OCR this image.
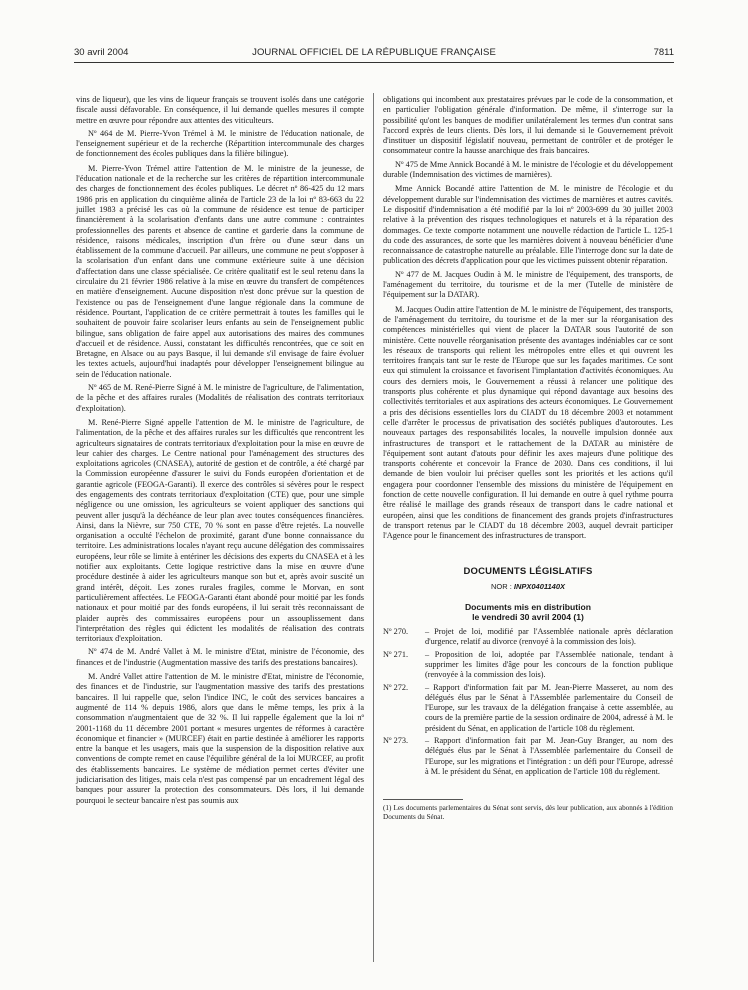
30 avril 2004	JOURNAL OFFICIEL DE LA RÉPUBLIQUE FRANÇAISE	7811

vins de liqueur), que les vins de liqueur français se trouvent isolés dans une catégorie fiscale aussi défavorable. En conséquence, il lui demande quelles mesures il compte mettre en œuvre pour répondre aux attentes des viticulteurs.

Nº 464 de M. Pierre-Yvon Trémel à M. le ministre de l'éducation nationale, de l'enseignement supérieur et de la recherche (Répartition intercommunale des charges de fonctionnement des écoles publiques dans la filière bilingue).

M. Pierre-Yvon Trémel attire l'attention de M. le ministre de la jeunesse, de l'éducation nationale et de la recherche sur les critères de répartition intercommunale des charges de fonctionnement des écoles publiques. Le décret nº 86-425 du 12 mars 1986 pris en application du cinquième alinéa de l'article 23 de la loi nº 83-663 du 22 juillet 1983 a précisé les cas où la commune de résidence est tenue de participer financièrement à la scolarisation d'enfants dans une autre commune : contraintes professionnelles des parents et absence de cantine et garderie dans la commune de résidence, raisons médicales, inscription d'un frère ou d'une sœur dans un établissement de la commune d'accueil. Par ailleurs, une commune ne peut s'opposer à la scolarisation d'un enfant dans une commune extérieure suite à une décision d'affectation dans une classe spécialisée. Ce critère qualitatif est le seul retenu dans la circulaire du 21 février 1986 relative à la mise en œuvre du transfert de compétences en matière d'enseignement. Aucune disposition n'est donc prévue sur la question de l'existence ou pas de l'enseignement d'une langue régionale dans la commune de résidence. Pourtant, l'application de ce critère permettrait à toutes les familles qui le souhaitent de pouvoir faire scolariser leurs enfants au sein de l'enseignement public bilingue, sans obligation de faire appel aux autorisations des maires des communes d'accueil et de résidence. Aussi, constatant les difficultés rencontrées, que ce soit en Bretagne, en Alsace ou au pays Basque, il lui demande s'il envisage de faire évoluer les textes actuels, aujourd'hui inadaptés pour développer l'enseignement bilingue au sein de l'éducation nationale.

Nº 465 de M. René-Pierre Signé à M. le ministre de l'agriculture, de l'alimentation, de la pêche et des affaires rurales (Modalités de réalisation des contrats territoriaux d'exploitation).

M. René-Pierre Signé appelle l'attention de M. le ministre de l'agriculture, de l'alimentation, de la pêche et des affaires rurales sur les difficultés que rencontrent les agriculteurs signataires de contrats territoriaux d'exploitation pour la mise en œuvre de leur cahier des charges. Le Centre national pour l'aménagement des structures des exploitations agricoles (CNASEA), autorité de gestion et de contrôle, a été chargé par la Commission européenne d'assurer le suivi du Fonds européen d'orientation et de garantie agricole (FEOGA-Garanti). Il exerce des contrôles si sévères pour le respect des engagements des contrats territoriaux d'exploitation (CTE) que, pour une simple négligence ou une omission, les agriculteurs se voient appliquer des sanctions qui peuvent aller jusqu'à la déchéance de leur plan avec toutes conséquences financières. Ainsi, dans la Nièvre, sur 750 CTE, 70 % sont en passe d'être rejetés. La nouvelle organisation a occulté l'échelon de proximité, garant d'une bonne connaissance du territoire. Les administrations locales n'ayant reçu aucune délégation des commissaires européens, leur rôle se limite à entériner les décisions des experts du CNASEA et à les notifier aux exploitants. Cette logique restrictive dans la mise en œuvre d'une procédure destinée à aider les agriculteurs manque son but et, après avoir suscité un grand intérêt, déçoit. Les zones rurales fragiles, comme le Morvan, en sont particulièrement affectées. Le FEOGA-Garanti étant abondé pour moitié par les fonds nationaux et pour moitié par des fonds européens, il lui serait très reconnaissant de plaider auprès des commissaires européens pour un assouplissement dans l'interprétation des règles qui édictent les modalités de réalisation des contrats territoriaux d'exploitation.

Nº 474 de M. André Vallet à M. le ministre d'Etat, ministre de l'économie, des finances et de l'industrie (Augmentation massive des tarifs des prestations bancaires).

M. André Vallet attire l'attention de M. le ministre d'Etat, ministre de l'économie, des finances et de l'industrie, sur l'augmentation massive des tarifs des prestations bancaires. Il lui rappelle que, selon l'indice INC, le coût des services bancaires a augmenté de 114 % depuis 1986, alors que dans le même temps, les prix à la consommation n'augmentaient que de 32 %. Il lui rappelle également que la loi nº 2001-1168 du 11 décembre 2001 portant « mesures urgentes de réformes à caractère économique et financier » (MURCEF) était en partie destinée à améliorer les rapports entre la banque et les usagers, mais que la suspension de la disposition relative aux conventions de compte remet en cause l'équilibre général de la loi MURCEF, au profit des établissements bancaires. Le système de médiation permet certes d'éviter une judiciarisation des litiges, mais cela n'est pas compensé par un encadrement légal des banques pour assurer la protection des consommateurs. Dès lors, il lui demande pourquoi le secteur bancaire n'est pas soumis aux

obligations qui incombent aux prestataires prévues par le code de la consommation, et en particulier l'obligation générale d'information. De même, il s'interroge sur la possibilité qu'ont les banques de modifier unilatéralement les termes d'un contrat sans l'accord exprès de leurs clients. Dès lors, il lui demande si le Gouvernement prévoit d'instituer un dispositif législatif nouveau, permettant de contrôler et de protéger le consommateur contre la hausse anarchique des frais bancaires.

Nº 475 de Mme Annick Bocandé à M. le ministre de l'écologie et du développement durable (Indemnisation des victimes de marnières).

Mme Annick Bocandé attire l'attention de M. le ministre de l'écologie et du développement durable sur l'indemnisation des victimes de marnières et autres cavités. Le dispositif d'indemnisation a été modifié par la loi nº 2003-699 du 30 juillet 2003 relative à la prévention des risques technologiques et naturels et à la réparation des dommages. Ce texte comporte notamment une nouvelle rédaction de l'article L. 125-1 du code des assurances, de sorte que les marnières doivent à nouveau bénéficier d'une reconnaissance de catastrophe naturelle au préalable. Elle l'interroge donc sur la date de publication des décrets d'application pour que les victimes puissent obtenir réparation.

Nº 477 de M. Jacques Oudin à M. le ministre de l'équipement, des transports, de l'aménagement du territoire, du tourisme et de la mer (Tutelle de ministère de l'équipement sur la DATAR).

M. Jacques Oudin attire l'attention de M. le ministre de l'équipement, des transports, de l'aménagement du territoire, du tourisme et de la mer sur la réorganisation des compétences ministérielles qui vient de placer la DATAR sous l'autorité de son ministère. Cette nouvelle réorganisation présente des avantages indéniables car ce sont les réseaux de transports qui relient les métropoles entre elles et qui ouvrent les territoires français tant sur le reste de l'Europe que sur les façades maritimes. Ce sont eux qui stimulent la croissance et favorisent l'implantation d'activités économiques. Au cours des derniers mois, le Gouvernement a réussi à relancer une politique des transports plus cohérente et plus dynamique qui répond davantage aux besoins des collectivités territoriales et aux aspirations des acteurs économiques. Le Gouvernement a pris des décisions essentielles lors du CIADT du 18 décembre 2003 et notamment celle d'arrêter le processus de privatisation des sociétés publiques d'autoroutes. Les nouveaux partages des responsabilités locales, la nouvelle impulsion donnée aux infrastructures de transport et le rattachement de la DATAR au ministère de l'équipement sont autant d'atouts pour définir les axes majeurs d'une politique des transports cohérente et concevoir la France de 2030. Dans ces conditions, il lui demande de bien vouloir lui préciser quelles sont les priorités et les actions qu'il engagera pour coordonner l'ensemble des missions du ministère de l'équipement en fonction de cette nouvelle configuration. Il lui demande en outre à quel rythme pourra être réalisé le maillage des grands réseaux de transport dans le cadre national et européen, ainsi que les conditions de financement des grands projets d'infrastructures de transport retenus par le CIADT du 18 décembre 2003, auquel devrait participer l'Agence pour le financement des infrastructures de transport.

DOCUMENTS LÉGISLATIFS
NOR : INPX0401140X
Documents mis en distribution
le vendredi 30 avril 2004 (1)
Nº 270.	– Projet de loi, modifié par l'Assemblée nationale après déclaration d'urgence, relatif au divorce (renvoyé à la commission des lois).
Nº 271.	– Proposition de loi, adoptée par l'Assemblée nationale, tendant à supprimer les limites d'âge pour les concours de la fonction publique (renvoyée à la commission des lois).
Nº 272.	– Rapport d'information fait par M. Jean-Pierre Masseret, au nom des délégués élus par le Sénat à l'Assemblée parlementaire du Conseil de l'Europe, sur les travaux de la délégation française à cette assemblée, au cours de la première partie de la session ordinaire de 2004, adressé à M. le président du Sénat, en application de l'article 108 du règlement.
Nº 273.	– Rapport d'information fait par M. Jean-Guy Branger, au nom des délégués élus par le Sénat à l'Assemblée parlementaire du Conseil de l'Europe, sur les migrations et l'intégration : un défi pour l'Europe, adressé à M. le président du Sénat, en application de l'article 108 du règlement.
(1) Les documents parlementaires du Sénat sont servis, dès leur publication, aux abonnés à l'édition Documents du Sénat.
